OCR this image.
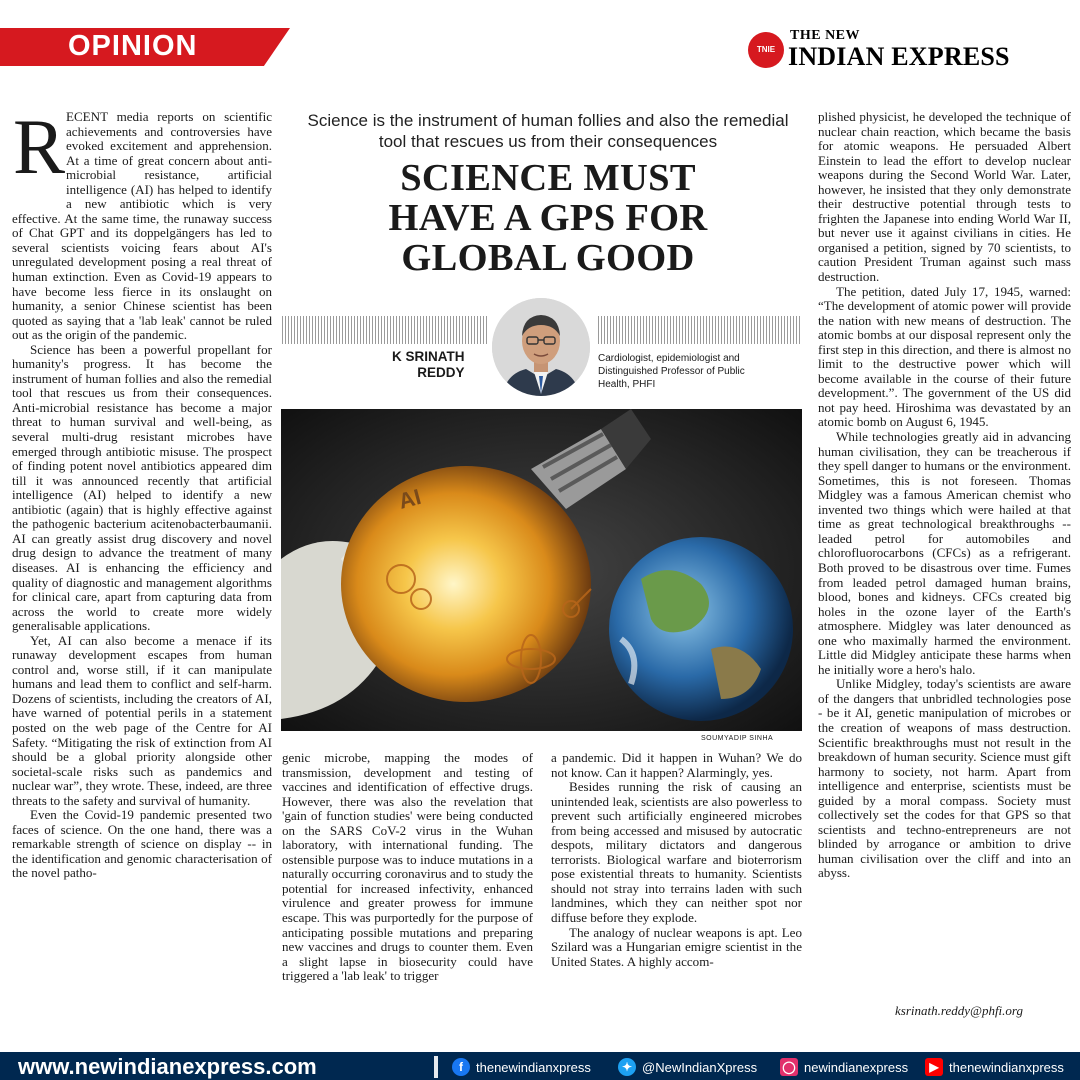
OPINION	TNIE
THE NEW
INDIAN EXPRESS
R ECENT media reports on scientific achievements and controversies have evoked excitement and apprehension. At a time of great concern about anti-microbial resistance, artificial intelligence (AI) has helped to identify a new antibiotic which is very effective. At the same time, the runaway success of Chat GPT and its doppelgängers has led to several scientists voicing fears about AI's unregulated development posing a real threat of human extinction. Even as Covid-19 appears to have become less fierce in its onslaught on humanity, a senior Chinese scientist has been quoted as saying that a 'lab leak' cannot be ruled out as the origin of the pandemic.

Science has been a powerful propellant for humanity's progress. It has become the instrument of human follies and also the remedial tool that rescues us from their consequences. Anti-microbial resistance has become a major threat to human survival and well-being, as several multi-drug resistant microbes have emerged through antibiotic misuse. The prospect of finding potent novel antibiotics appeared dim till it was announced recently that artificial intelligence (AI) helped to identify a new antibiotic (again) that is highly effective against the pathogenic bacterium acitenobacterbaumanii. AI can greatly assist drug discovery and novel drug design to advance the treatment of many diseases. AI is enhancing the efficiency and quality of diagnostic and management algorithms for clinical care, apart from capturing data from across the world to create more widely generalisable applications.

Yet, AI can also become a menace if its runaway development escapes from human control and, worse still, if it can manipulate humans and lead them to conflict and self-harm. Dozens of scientists, including the creators of AI, have warned of potential perils in a statement posted on the web page of the Centre for AI Safety. “Mitigating the risk of extinction from AI should be a global priority alongside other societal-scale risks such as pandemics and nuclear war”, they wrote. These, indeed, are three threats to the safety and survival of humanity.

Even the Covid-19 pandemic presented two faces of science. On the one hand, there was a remarkable strength of science on display -- in the identification and genomic characterisation of the novel patho-

Science is the instrument of human follies and also the remedial tool that rescues us from their consequences
SCIENCE MUST
HAVE A GPS FOR
GLOBAL GOOD
K SRINATH
REDDY
Cardiologist, epidemiologist and Distinguished Professor of Public Health, PHFI
AI
SOUMYADIP SINHA

genic microbe, mapping the modes of transmission, development and testing of vaccines and identification of effective drugs. However, there was also the revelation that 'gain of function studies' were being conducted on the SARS CoV-2 virus in the Wuhan laboratory, with international funding. The ostensible purpose was to induce mutations in a naturally occurring coronavirus and to study the potential for increased infectivity, enhanced virulence and greater prowess for immune escape. This was purportedly for the purpose of anticipating possible mutations and preparing new vaccines and drugs to counter them. Even a slight lapse in biosecurity could have triggered a 'lab leak' to trigger

a pandemic. Did it happen in Wuhan? We do not know. Can it happen? Alarmingly, yes.

Besides running the risk of causing an unintended leak, scientists are also powerless to prevent such artificially engineered microbes from being accessed and misused by autocratic despots, military dictators and dangerous terrorists. Biological warfare and bioterrorism pose existential threats to humanity. Scientists should not stray into terrains laden with such landmines, which they can neither spot nor diffuse before they explode.

The analogy of nuclear weapons is apt. Leo Szilard was a Hungarian emigre scientist in the United States. A highly accom-

plished physicist, he developed the technique of nuclear chain reaction, which became the basis for atomic weapons. He persuaded Albert Einstein to lead the effort to develop nuclear weapons during the Second World War. Later, however, he insisted that they only demonstrate their destructive potential through tests to frighten the Japanese into ending World War II, but never use it against civilians in cities. He organised a petition, signed by 70 scientists, to caution President Truman against such mass destruction.

The petition, dated July 17, 1945, warned: “The development of atomic power will provide the nation with new means of destruction. The atomic bombs at our disposal represent only the first step in this direction, and there is almost no limit to the destructive power which will become available in the course of their future development.”. The government of the US did not pay heed. Hiroshima was devastated by an atomic bomb on August 6, 1945.

While technologies greatly aid in advancing human civilisation, they can be treacherous if they spell danger to humans or the environment. Sometimes, this is not foreseen. Thomas Midgley was a famous American chemist who invented two things which were hailed at that time as great technological breakthroughs -- leaded petrol for automobiles and chlorofluorocarbons (CFCs) as a refrigerant. Both proved to be disastrous over time. Fumes from leaded petrol damaged human brains, blood, bones and kidneys. CFCs created big holes in the ozone layer of the Earth's atmosphere. Midgley was later denounced as one who maximally harmed the environment. Little did Midgley anticipate these harms when he initially wore a hero's halo.

Unlike Midgley, today's scientists are aware of the dangers that unbridled technologies pose - be it AI, genetic manipulation of microbes or the creation of weapons of mass destruction. Scientific breakthroughs must not result in the breakdown of human security. Science must gift harmony to society, not harm. Apart from intelligence and enterprise, scientists must be guided by a moral compass. Society must collectively set the codes for that GPS so that scientists and techno-entrepreneurs are not blinded by arrogance or ambition to drive human civilisation over the cliff and into an abyss.

ksrinath.reddy@phfi.org
www.newindianexpress.com	f	thenewindianxpress	✦ @NewIndianXpress ◯ newindianexpress	▶ thenewindianxpress
